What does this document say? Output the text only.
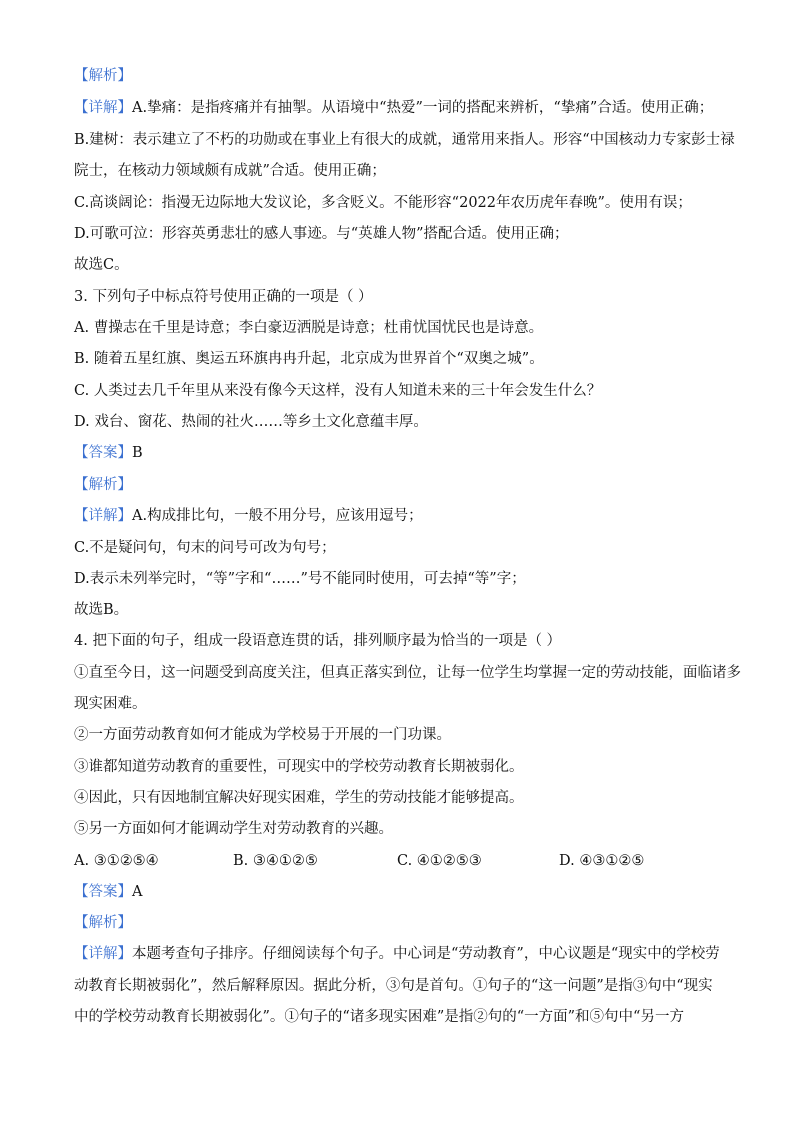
【解析】
【详解】A.挚痛：是指疼痛并有抽掣。从语境中“热爱”一词的搭配来辨析，“挚痛”合适。使用正确；
B.建树：表示建立了不朽的功勋或在事业上有很大的成就，通常用来指人。形容“中国核动力专家彭士禄
院士，在核动力领域颇有成就”合适。使用正确；
C.高谈阔论：指漫无边际地大发议论，多含贬义。不能形容“2022年农历虎年春晚”。使用有误；
D.可歌可泣：形容英勇悲壮的感人事迹。与“英雄人物”搭配合适。使用正确；
故选C。
3. 下列句子中标点符号使用正确的一项是（ ）
A. 曹操志在千里是诗意；李白豪迈洒脱是诗意；杜甫忧国忧民也是诗意。
B. 随着五星红旗、奥运五环旗冉冉升起，北京成为世界首个“双奥之城”。
C. 人类过去几千年里从来没有像今天这样，没有人知道未来的三十年会发生什么？
D. 戏台、窗花、热闹的社火……等乡土文化意蕴丰厚。
【答案】B
【解析】
【详解】A.构成排比句，一般不用分号，应该用逗号；
C.不是疑问句，句末的问号可改为句号；
D.表示未列举完时，“等”字和“……”号不能同时使用，可去掉“等”字；
故选B。
4. 把下面的句子，组成一段语意连贯的话，排列顺序最为恰当的一项是（ ）
①直至今日，这一问题受到高度关注，但真正落实到位，让每一位学生均掌握一定的劳动技能，面临诸多
现实困难。
②一方面劳动教育如何才能成为学校易于开展的一门功课。
③谁都知道劳动教育的重要性，可现实中的学校劳动教育长期被弱化。
④因此，只有因地制宜解决好现实困难，学生的劳动技能才能够提高。
⑤另一方面如何才能调动学生对劳动教育的兴趣。
A. ③①②⑤④	B. ③④①②⑤	C. ④①②⑤③	D. ④③①②⑤
【答案】A
【解析】
【详解】本题考查句子排序。仔细阅读每个句子。中心词是“劳动教育”，中心议题是“现实中的学校劳
动教育长期被弱化”，然后解释原因。据此分析，③句是首句。①句子的“这一问题”是指③句中“现实
中的学校劳动教育长期被弱化”。①句子的“诸多现实困难”是指②句的“一方面”和⑤句中“另一方
